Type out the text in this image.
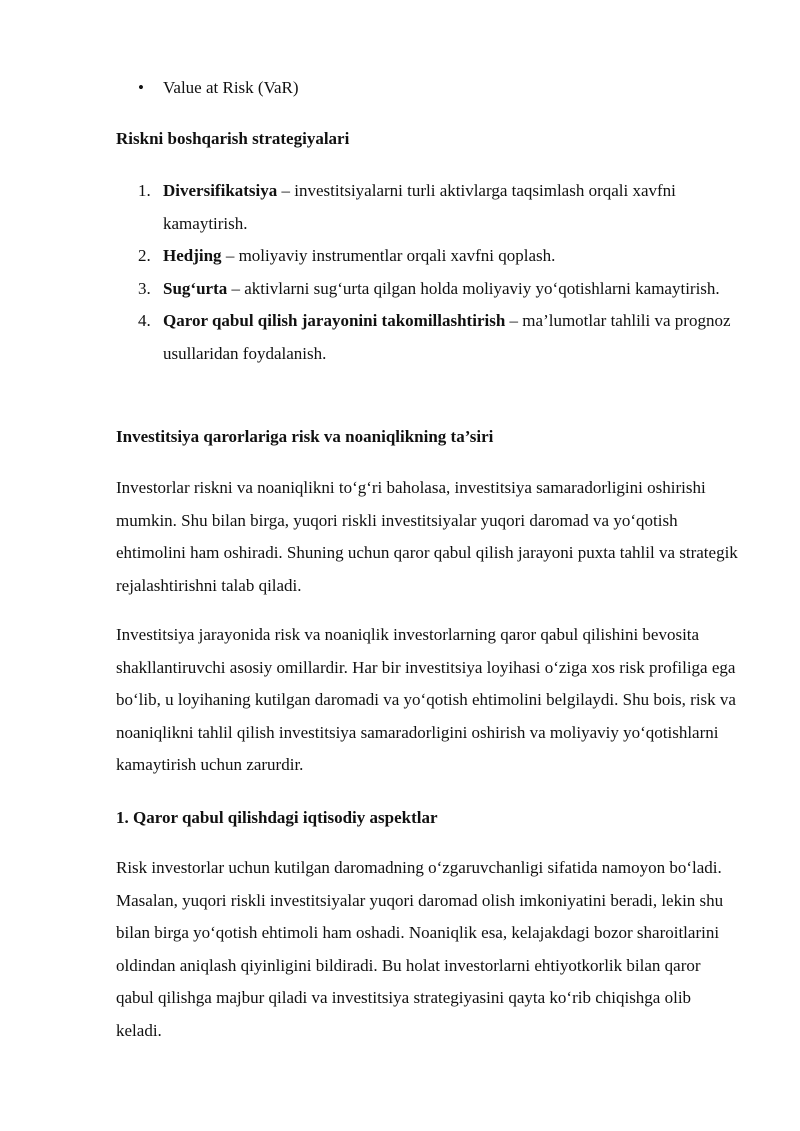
• Value at Risk (VaR)
Riskni boshqarish strategiyalari
1. Diversifikatsiya – investitsiyalarni turli aktivlarga taqsimlash orqali xavfni kamaytirish.
2. Hedjing – moliyaviy instrumentlar orqali xavfni qoplash.
3. Sug‘urta – aktivlarni sug‘urta qilgan holda moliyaviy yo‘qotishlarni kamaytirish.
4. Qaror qabul qilish jarayonini takomillashtirish – ma’lumotlar tahlili va prognoz usullaridan foydalanish.
Investitsiya qarorlariga risk va noaniqlikning ta’siri

Investorlar riskni va noaniqlikni to‘g‘ri baholasa, investitsiya samaradorligini oshirishi mumkin. Shu bilan birga, yuqori riskli investitsiyalar yuqori daromad va yo‘qotish ehtimolini ham oshiradi. Shuning uchun qaror qabul qilish jarayoni puxta tahlil va strategik rejalashtirishni talab qiladi.

Investitsiya jarayonida risk va noaniqlik investorlarning qaror qabul qilishini bevosita shakllantiruvchi asosiy omillardir. Har bir investitsiya loyihasi o‘ziga xos risk profiliga ega bo‘lib, u loyihaning kutilgan daromadi va yo‘qotish ehtimolini belgilaydi. Shu bois, risk va noaniqlikni tahlil qilish investitsiya samaradorligini oshirish va moliyaviy yo‘qotishlarni kamaytirish uchun zarurdir.

1. Qaror qabul qilishdagi iqtisodiy aspektlar

Risk investorlar uchun kutilgan daromadning o‘zgaruvchanligi sifatida namoyon bo‘ladi. Masalan, yuqori riskli investitsiyalar yuqori daromad olish imkoniyatini beradi, lekin shu bilan birga yo‘qotish ehtimoli ham oshadi. Noaniqlik esa, kelajakdagi bozor sharoitlarini oldindan aniqlash qiyinligini bildiradi. Bu holat investorlarni ehtiyotkorlik bilan qaror qabul qilishga majbur qiladi va investitsiya strategiyasini qayta ko‘rib chiqishga olib keladi.
